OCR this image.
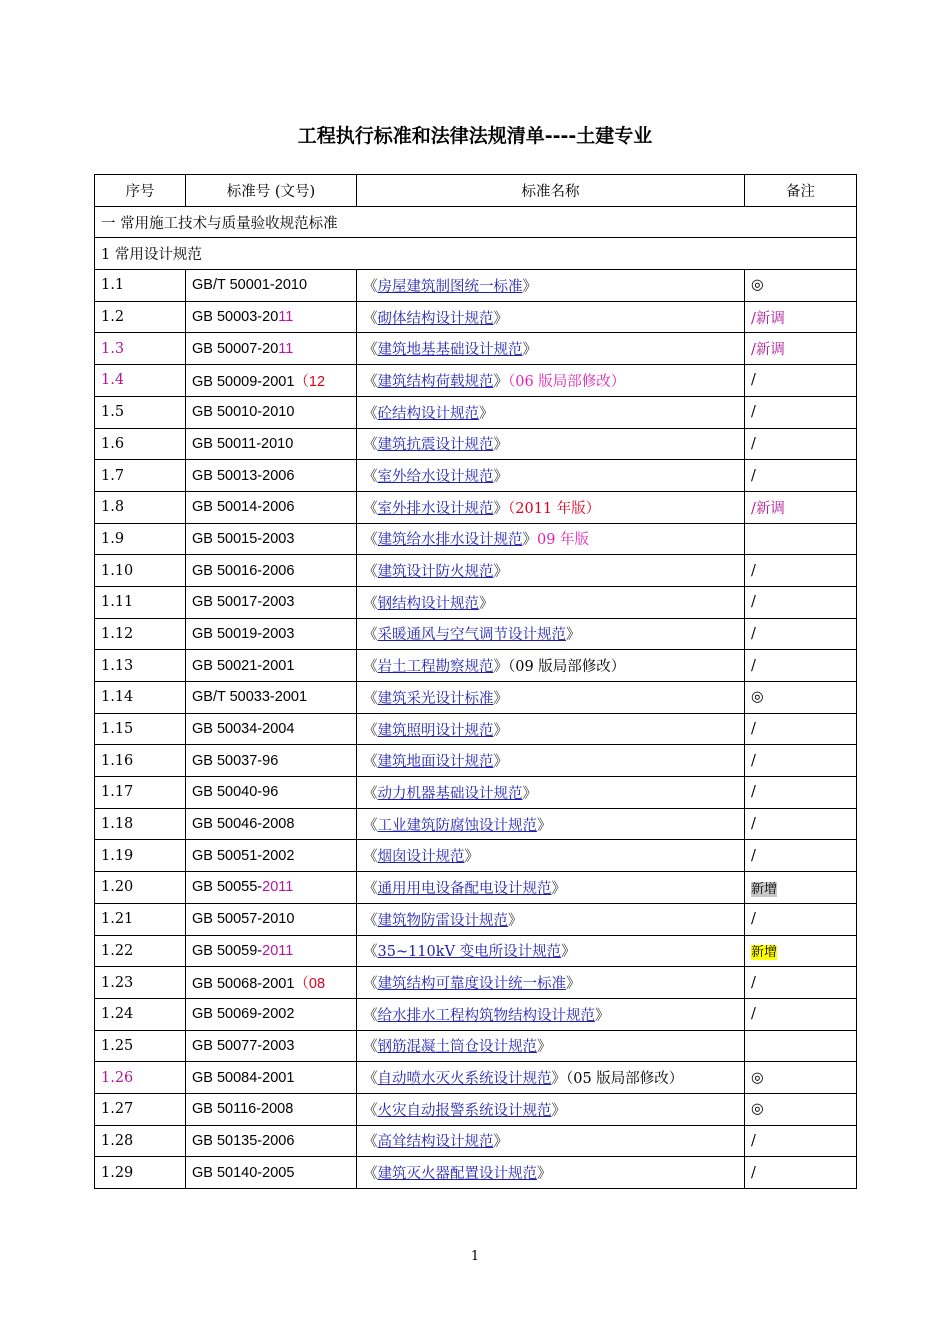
工程执行标准和法律法规清单----土建专业
序号	标准号 (文号)	标准名称	备注
一 常用施工技术与质量验收规范标准			
1 常用设计规范			
1.1	GB/T 50001-2010	《房屋建筑制图统一标准》	◎
1.2	GB 50003-2011	《砌体结构设计规范》	/新调
1.3	GB 50007-2011	《建筑地基基础设计规范》	/新调
1.4	GB 50009-2001（12	《建筑结构荷载规范》（06 版局部修改）	/
1.5	GB 50010-2010	《砼结构设计规范》	/
1.6	GB 50011-2010	《建筑抗震设计规范》	/
1.7	GB 50013-2006	《室外给水设计规范》	/
1.8	GB 50014-2006	《室外排水设计规范》（2011 年版）	/新调
1.9	GB 50015-2003	《建筑给水排水设计规范》09 年版	
1.10	GB 50016-2006	《建筑设计防火规范》	/
1.11	GB 50017-2003	《钢结构设计规范》	/
1.12	GB 50019-2003	《采暖通风与空气调节设计规范》	/
1.13	GB 50021-2001	《岩土工程勘察规范》（09 版局部修改）	/
1.14	GB/T 50033-2001	《建筑采光设计标准》	◎
1.15	GB 50034-2004	《建筑照明设计规范》	/
1.16	GB 50037-96	《建筑地面设计规范》	/
1.17	GB 50040-96	《动力机器基础设计规范》	/
1.18	GB 50046-2008	《工业建筑防腐蚀设计规范》	/
1.19	GB 50051-2002	《烟囱设计规范》	/
1.20	GB 50055-2011	《通用用电设备配电设计规范》	新增
1.21	GB 50057-2010	《建筑物防雷设计规范》	/
1.22	GB 50059-2011	《35~110kV 变电所设计规范》	新增
1.23	GB 50068-2001（08	《建筑结构可靠度设计统一标准》	/
1.24	GB 50069-2002	《给水排水工程构筑物结构设计规范》	/
1.25	GB 50077-2003	《钢筋混凝土筒仓设计规范》	
1.26	GB 50084-2001	《自动喷水灭火系统设计规范》（05 版局部修改）	◎
1.27	GB 50116-2008	《火灾自动报警系统设计规范》	◎
1.28	GB 50135-2006	《高耸结构设计规范》	/
1.29	GB 50140-2005	《建筑灭火器配置设计规范》	/
1
